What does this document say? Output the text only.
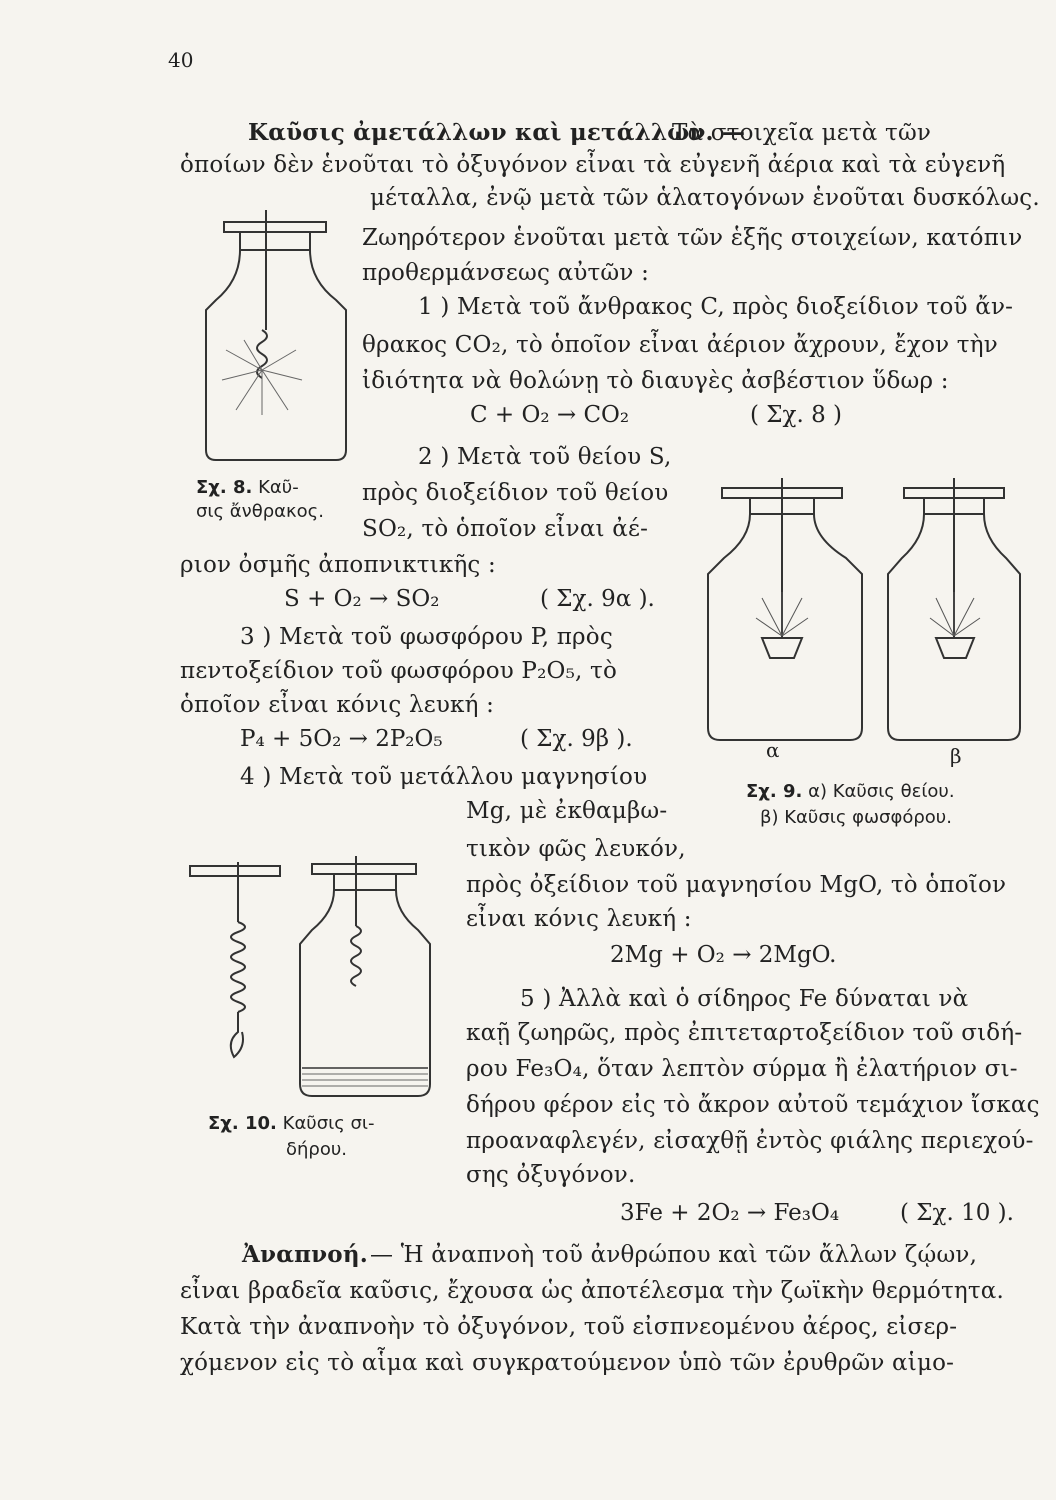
40
Καῦσις ἀμετάλλων καὶ μετάλλων. —
Τὰ στοιχεῖα μετὰ τῶν
ὁποίων δὲν ἑνοῦται τὸ ὀξυγόνον εἶναι τὰ εὐγενῆ ἀέρια καὶ τὰ εὐγενῆ
μέταλλα, ἐνῷ μετὰ τῶν ἁλατογόνων ἑνοῦται δυσκόλως.
Ζωηρότερον ἑνοῦται μετὰ τῶν ἑξῆς στοιχείων, κατόπιν
προθερμάνσεως αὐτῶν :
1 ) Μετὰ τοῦ ἄνθρακος C, πρὸς διοξείδιον τοῦ ἄν-
θρακος CO₂, τὸ ὁποῖον εἶναι ἀέριον ἄχρουν, ἔχον τὴν
ἰδιότητα νὰ θολώνῃ τὸ διαυγὲς ἀσβέστιον ὕδωρ :
C + O₂ → CO₂	( Σχ. 8 )
2 ) Μετὰ τοῦ θείου S,
πρὸς διοξείδιον τοῦ θείου
SO₂, τὸ ὁποῖον εἶναι ἀέ-
ριον ὀσμῆς ἀποπνικτικῆς :
S + O₂ → SO₂	( Σχ. 9α ).
3 ) Μετὰ τοῦ φωσφόρου P, πρὸς
πεντοξείδιον τοῦ φωσφόρου P₂O₅, τὸ
ὁποῖον εἶναι κόνις λευκή :
P₄ + 5O₂ → 2P₂O₅	( Σχ. 9β ).
4 ) Μετὰ τοῦ μετάλλου μαγνησίου
Mg, μὲ ἐκθαμβω-
τικὸν φῶς λευκόν,
πρὸς ὀξείδιον τοῦ μαγνησίου MgO, τὸ ὁποῖον
εἶναι κόνις λευκή :
2Mg + O₂ → 2MgO.
5 ) Ἀλλὰ καὶ ὁ σίδηρος Fe δύναται νὰ
καῇ ζωηρῶς, πρὸς ἐπιτεταρτοξείδιον τοῦ σιδή-
ρου Fe₃O₄, ὅταν λεπτὸν σύρμα ἢ ἐλατήριον σι-
δήρου φέρον εἰς τὸ ἄκρον αὐτοῦ τεμάχιον ἴσκας
προαναφλεγέν, εἰσαχθῇ ἐντὸς φιάλης περιεχού-
σης ὀξυγόνον.
3Fe + 2O₂ → Fe₃O₄	( Σχ. 10 ).
Ἀναπνοή. — Ἡ ἀναπνοὴ τοῦ ἀνθρώπου καὶ τῶν ἄλλων ζῴων,
εἶναι βραδεῖα καῦσις, ἔχουσα ὡς ἀποτέλεσμα τὴν ζωϊκὴν θερμότητα.
Κατὰ τὴν ἀναπνοὴν τὸ ὀξυγόνον, τοῦ εἰσπνεομένου ἀέρος, εἰσερ-
χόμενον εἰς τὸ αἷμα καὶ συγκρατούμενον ὑπὸ τῶν ἐρυθρῶν αἱμο-
Σχ. 8. Καῦ-
σις ἄνθρακος.
α	β
Σχ. 9. α) Καῦσις θείου.
β) Καῦσις φωσφόρου.
Σχ. 10. Καῦσις σι-
δήρου.
